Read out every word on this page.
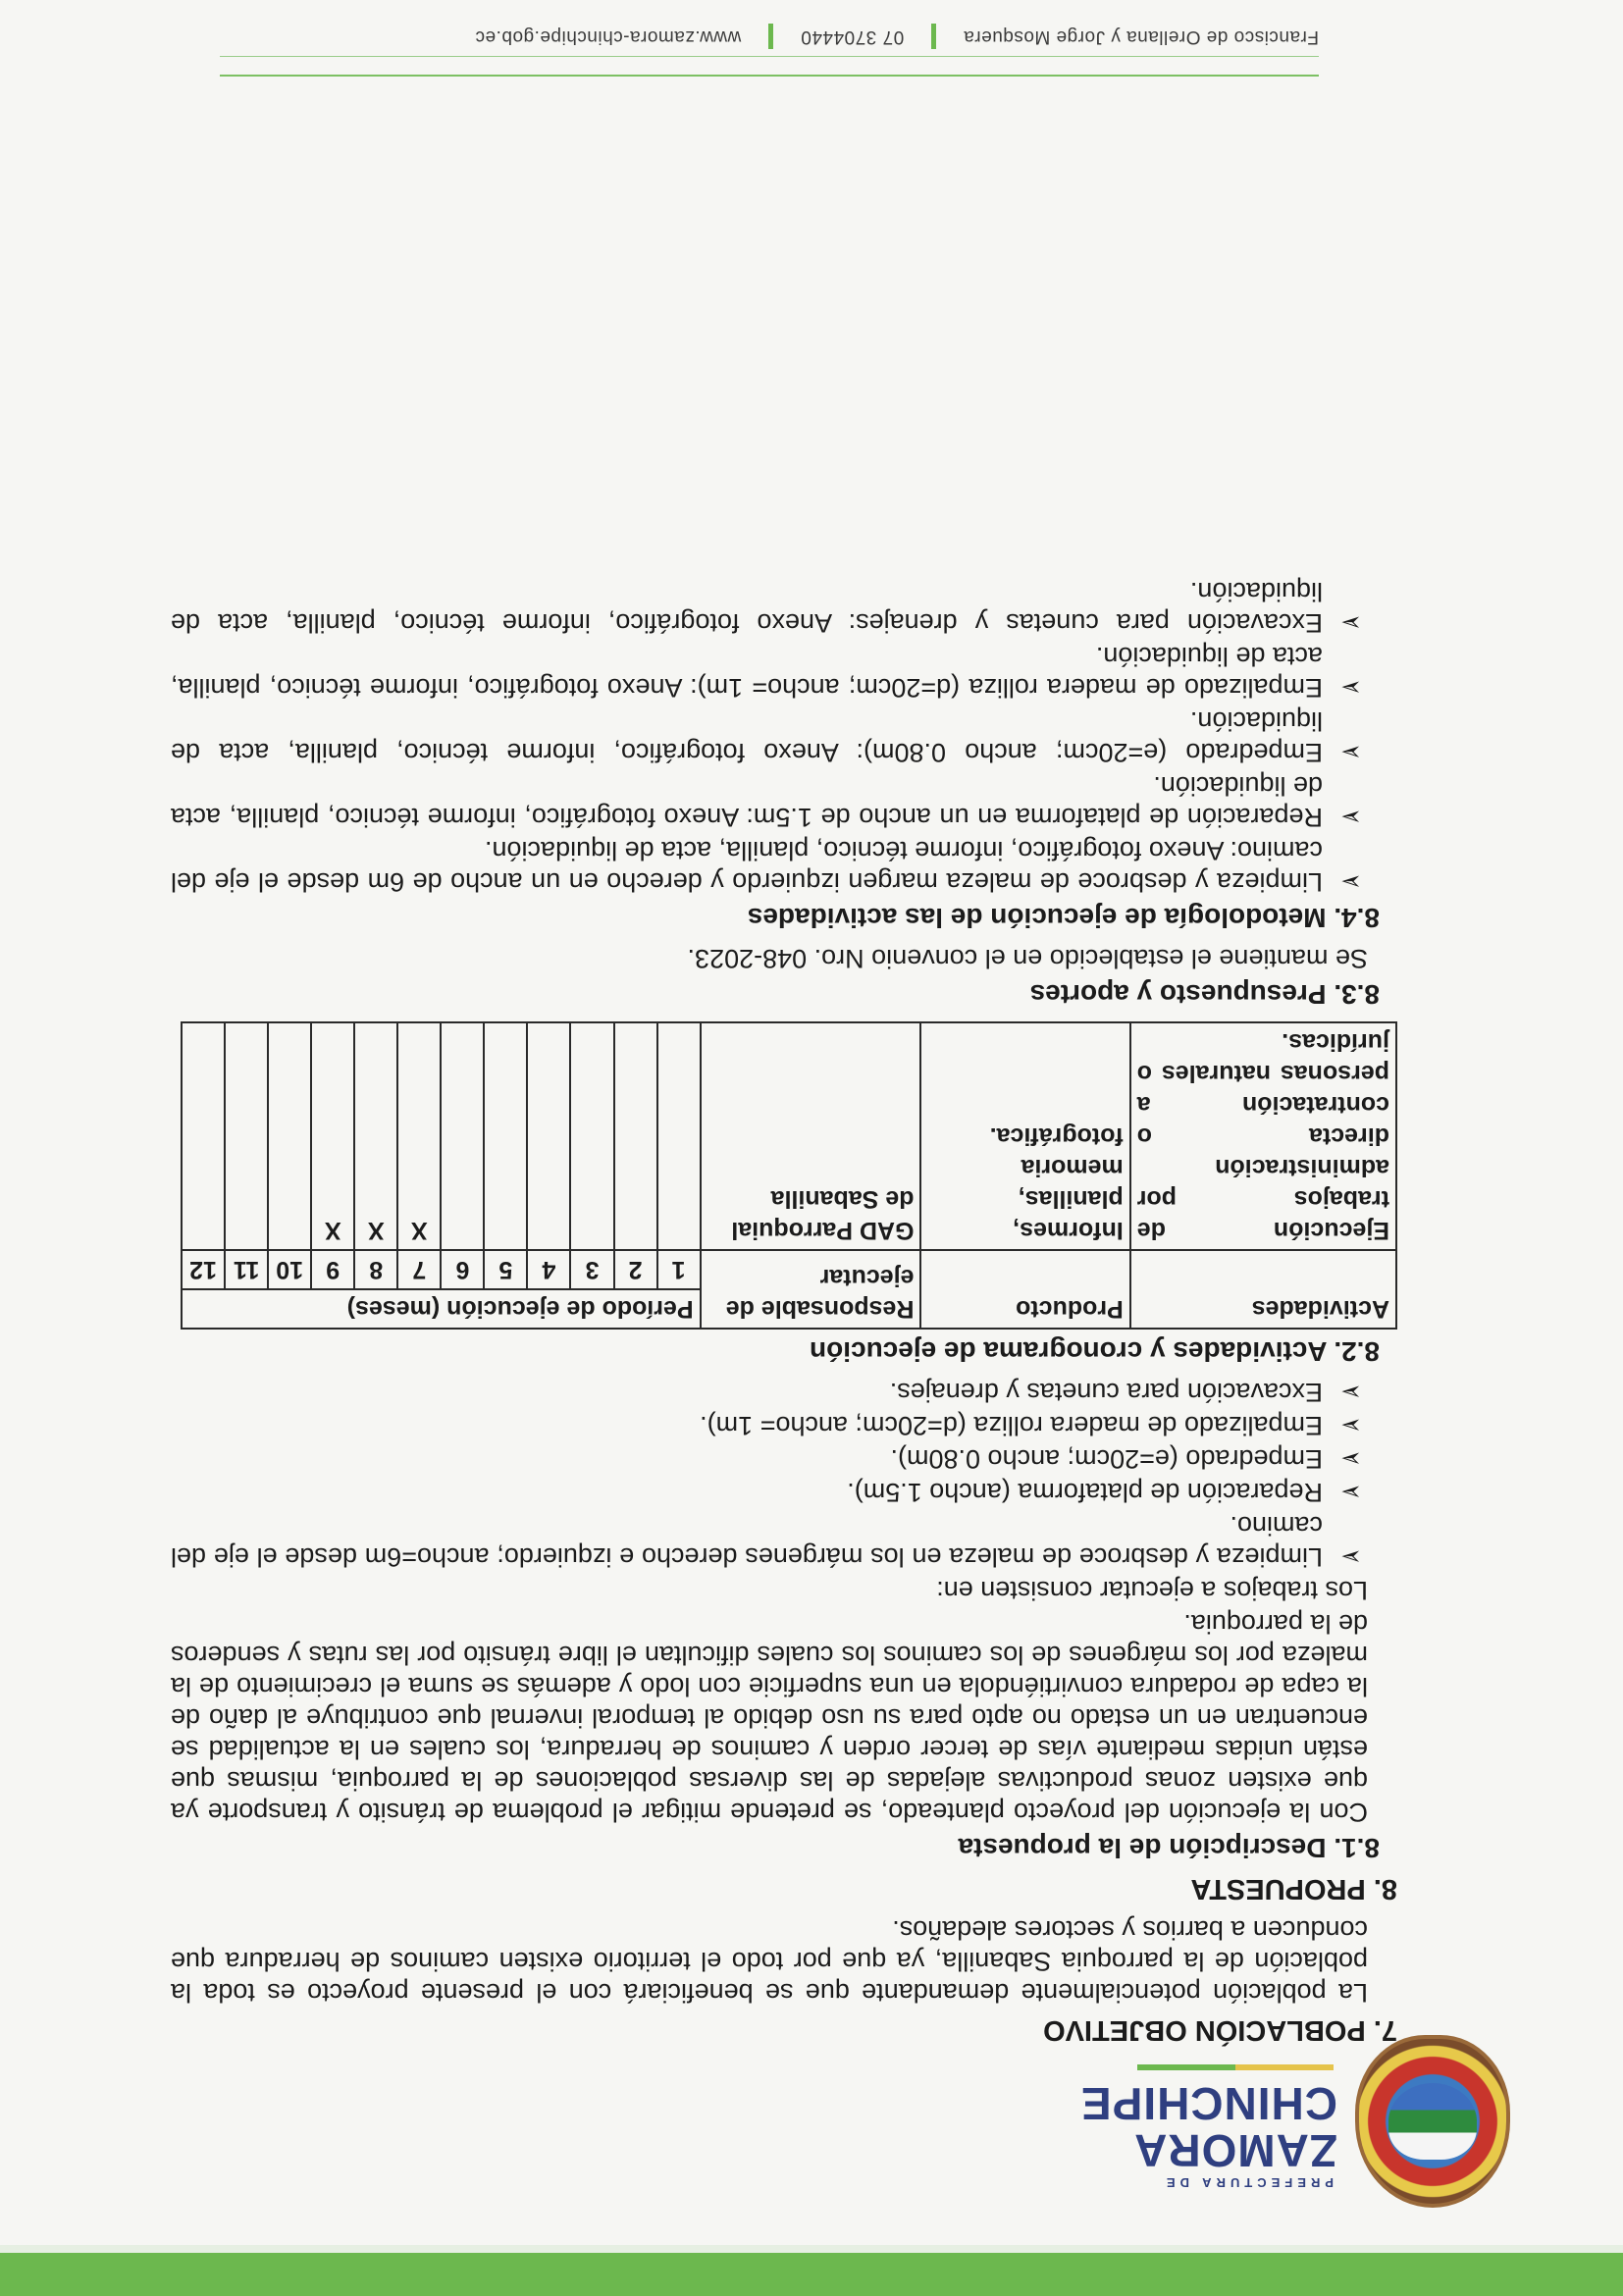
PREFECTURA DE
ZAMORA
CHINCHIPE
7. POBLACIÓN OBJETIVO

La población potencialmente demandante que se beneficiará con el presente proyecto es toda la población de la parroquia Sabanilla, ya que por todo el territorio existen caminos de herradura que conducen a barrios y sectores aledaños.

8. PROPUESTA
8.1. Descripción de la propuesta

Con la ejecución del proyecto planteado, se pretende mitigar el problema de tránsito y transporte ya que existen zonas productivas alejadas de las diversas poblaciones de la parroquia, mismas que están unidas mediante vías de tercer orden y caminos de herradura, los cuales en la actualidad se encuentran en un estado no apto para su uso debido al temporal invernal que contribuye al daño de la capa de rodadura convirtiéndola en una superficie con lodo y además se suma el crecimiento de la maleza por los márgenes de los caminos los cuales dificultan el libre tránsito por las rutas y senderos de la parroquia.

Los trabajos a ejecutar consisten en:

➢
Limpieza y desbroce de maleza en los márgenes derecho e izquierdo; ancho=6m desde el eje del camino.
➢
Reparación de plataforma (ancho 1.5m).
➢
Empedrado (e=20cm; ancho 0.80m).
➢
Empalizado de madera rolliza (d=20cm; ancho= 1m).
➢
Excavación para cunetas y drenajes.
8.2. Actividades y cronograma de ejecución
Actividades	Producto	Responsable de ejecutar	Período de ejecución (meses)											
			1	2	3	4	5	6	7	8	9	10	11	12
Ejecución de trabajos por administración directa o contratación a personas naturales o jurídicas.	Informes, planillas, memoria fotográfica.	GAD Parroquial de Sabanilla							X	X	X			
8.3. Presupuesto y aportes

Se mantiene el establecido en el convenio Nro. 048-2023.

8.4. Metodología de ejecución de las actividades
➢
Limpieza y desbroce de maleza margen izquierdo y derecho en un ancho de 6m desde el eje del camino: Anexo fotográfico, informe técnico, planilla, acta de liquidación.
➢
Reparación de plataforma en un ancho de 1.5m: Anexo fotográfico, informe técnico, planilla, acta de liquidación.
➢
Empedrado (e=20cm; ancho 0.80m): Anexo fotográfico, informe técnico, planilla, acta de liquidación.
➢
Empalizado de madera rolliza (d=20cm; ancho= 1m): Anexo fotográfico, informe técnico, planilla, acta de liquidación.
➢
Excavación para cunetas y drenajes: Anexo fotográfico, informe técnico, planilla, acta de liquidación.
Francisco de Orellana y Jorge Mosquera  07 3704440  www.zamora-chinchipe.gob.ec
